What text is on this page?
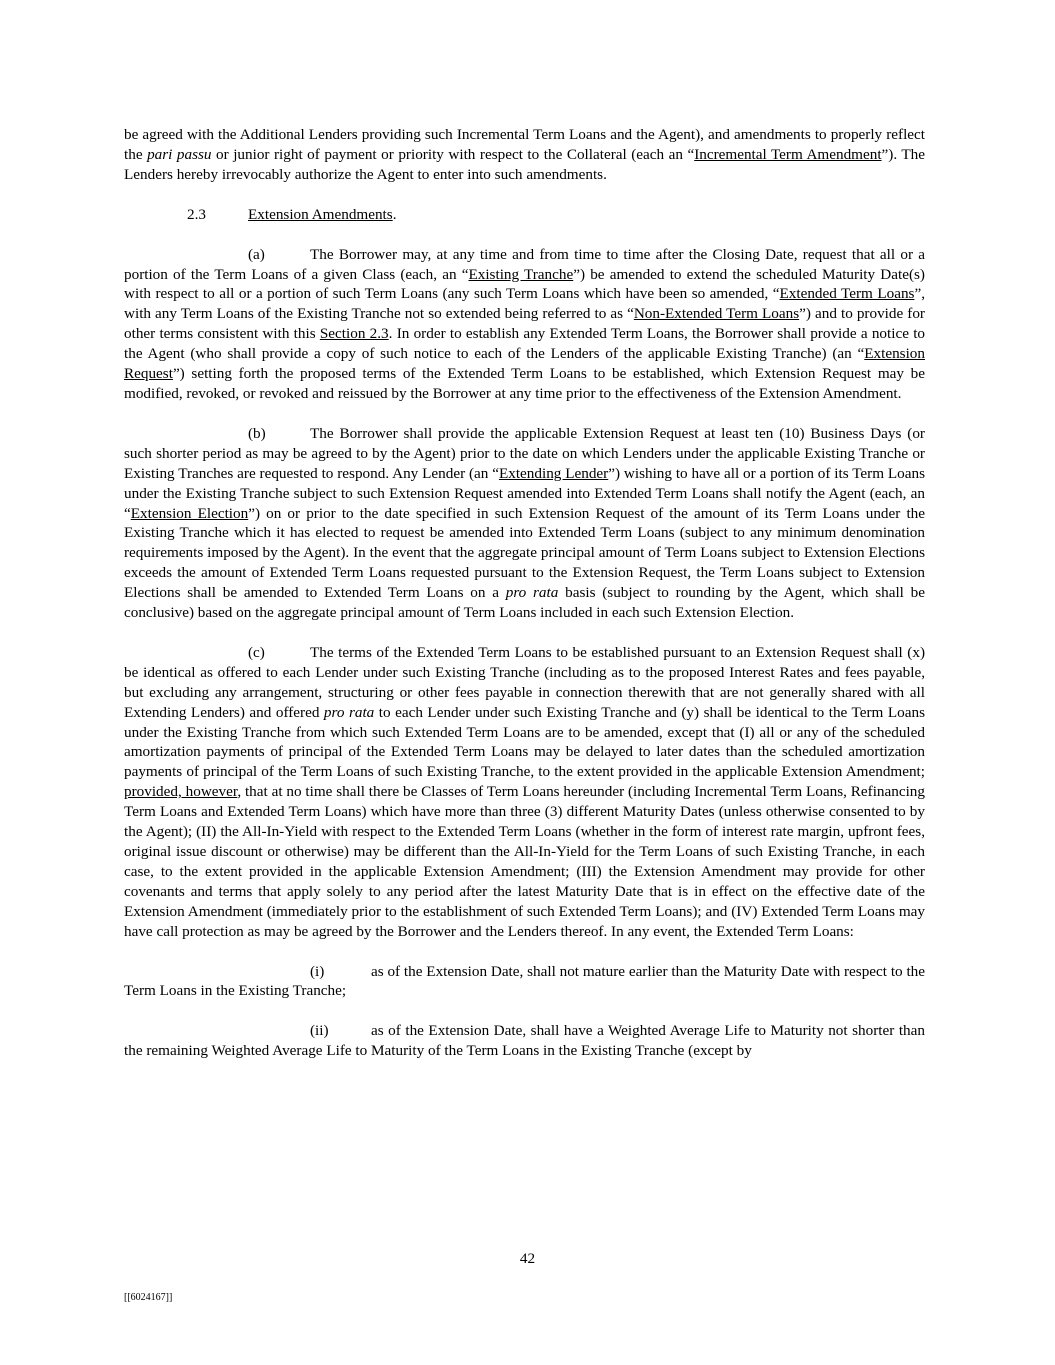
be agreed with the Additional Lenders providing such Incremental Term Loans and the Agent), and amendments to properly reflect the pari passu or junior right of payment or priority with respect to the Collateral (each an “Incremental Term Amendment”). The Lenders hereby irrevocably authorize the Agent to enter into such amendments.

2.3	Extension Amendments.

(a)	The Borrower may, at any time and from time to time after the Closing Date, request that all or a portion of the Term Loans of a given Class (each, an “Existing Tranche”) be amended to extend the scheduled Maturity Date(s) with respect to all or a portion of such Term Loans (any such Term Loans which have been so amended, “Extended Term Loans”, with any Term Loans of the Existing Tranche not so extended being referred to as “Non-Extended Term Loans”) and to provide for other terms consistent with this Section 2.3. In order to establish any Extended Term Loans, the Borrower shall provide a notice to the Agent (who shall provide a copy of such notice to each of the Lenders of the applicable Existing Tranche) (an “Extension Request”) setting forth the proposed terms of the Extended Term Loans to be established, which Extension Request may be modified, revoked, or revoked and reissued by the Borrower at any time prior to the effectiveness of the Extension Amendment.

(b)	The Borrower shall provide the applicable Extension Request at least ten (10) Business Days (or such shorter period as may be agreed to by the Agent) prior to the date on which Lenders under the applicable Existing Tranche or Existing Tranches are requested to respond. Any Lender (an “Extending Lender”) wishing to have all or a portion of its Term Loans under the Existing Tranche subject to such Extension Request amended into Extended Term Loans shall notify the Agent (each, an “Extension Election”) on or prior to the date specified in such Extension Request of the amount of its Term Loans under the Existing Tranche which it has elected to request be amended into Extended Term Loans (subject to any minimum denomination requirements imposed by the Agent). In the event that the aggregate principal amount of Term Loans subject to Extension Elections exceeds the amount of Extended Term Loans requested pursuant to the Extension Request, the Term Loans subject to Extension Elections shall be amended to Extended Term Loans on a pro rata basis (subject to rounding by the Agent, which shall be conclusive) based on the aggregate principal amount of Term Loans included in each such Extension Election.

(c)	The terms of the Extended Term Loans to be established pursuant to an Extension Request shall (x) be identical as offered to each Lender under such Existing Tranche (including as to the proposed Interest Rates and fees payable, but excluding any arrangement, structuring or other fees payable in connection therewith that are not generally shared with all Extending Lenders) and offered pro rata to each Lender under such Existing Tranche and (y) shall be identical to the Term Loans under the Existing Tranche from which such Extended Term Loans are to be amended, except that (I) all or any of the scheduled amortization payments of principal of the Extended Term Loans may be delayed to later dates than the scheduled amortization payments of principal of the Term Loans of such Existing Tranche, to the extent provided in the applicable Extension Amendment; provided, however, that at no time shall there be Classes of Term Loans hereunder (including Incremental Term Loans, Refinancing Term Loans and Extended Term Loans) which have more than three (3) different Maturity Dates (unless otherwise consented to by the Agent); (II) the All-In-Yield with respect to the Extended Term Loans (whether in the form of interest rate margin, upfront fees, original issue discount or otherwise) may be different than the All-In-Yield for the Term Loans of such Existing Tranche, in each case, to the extent provided in the applicable Extension Amendment; (III) the Extension Amendment may provide for other covenants and terms that apply solely to any period after the latest Maturity Date that is in effect on the effective date of the Extension Amendment (immediately prior to the establishment of such Extended Term Loans); and (IV) Extended Term Loans may have call protection as may be agreed by the Borrower and the Lenders thereof. In any event, the Extended Term Loans:

(i)	as of the Extension Date, shall not mature earlier than the Maturity Date with respect to the Term Loans in the Existing Tranche;

(ii)	as of the Extension Date, shall have a Weighted Average Life to Maturity not shorter than the remaining Weighted Average Life to Maturity of the Term Loans in the Existing Tranche (except by

42
[[6024167]]
